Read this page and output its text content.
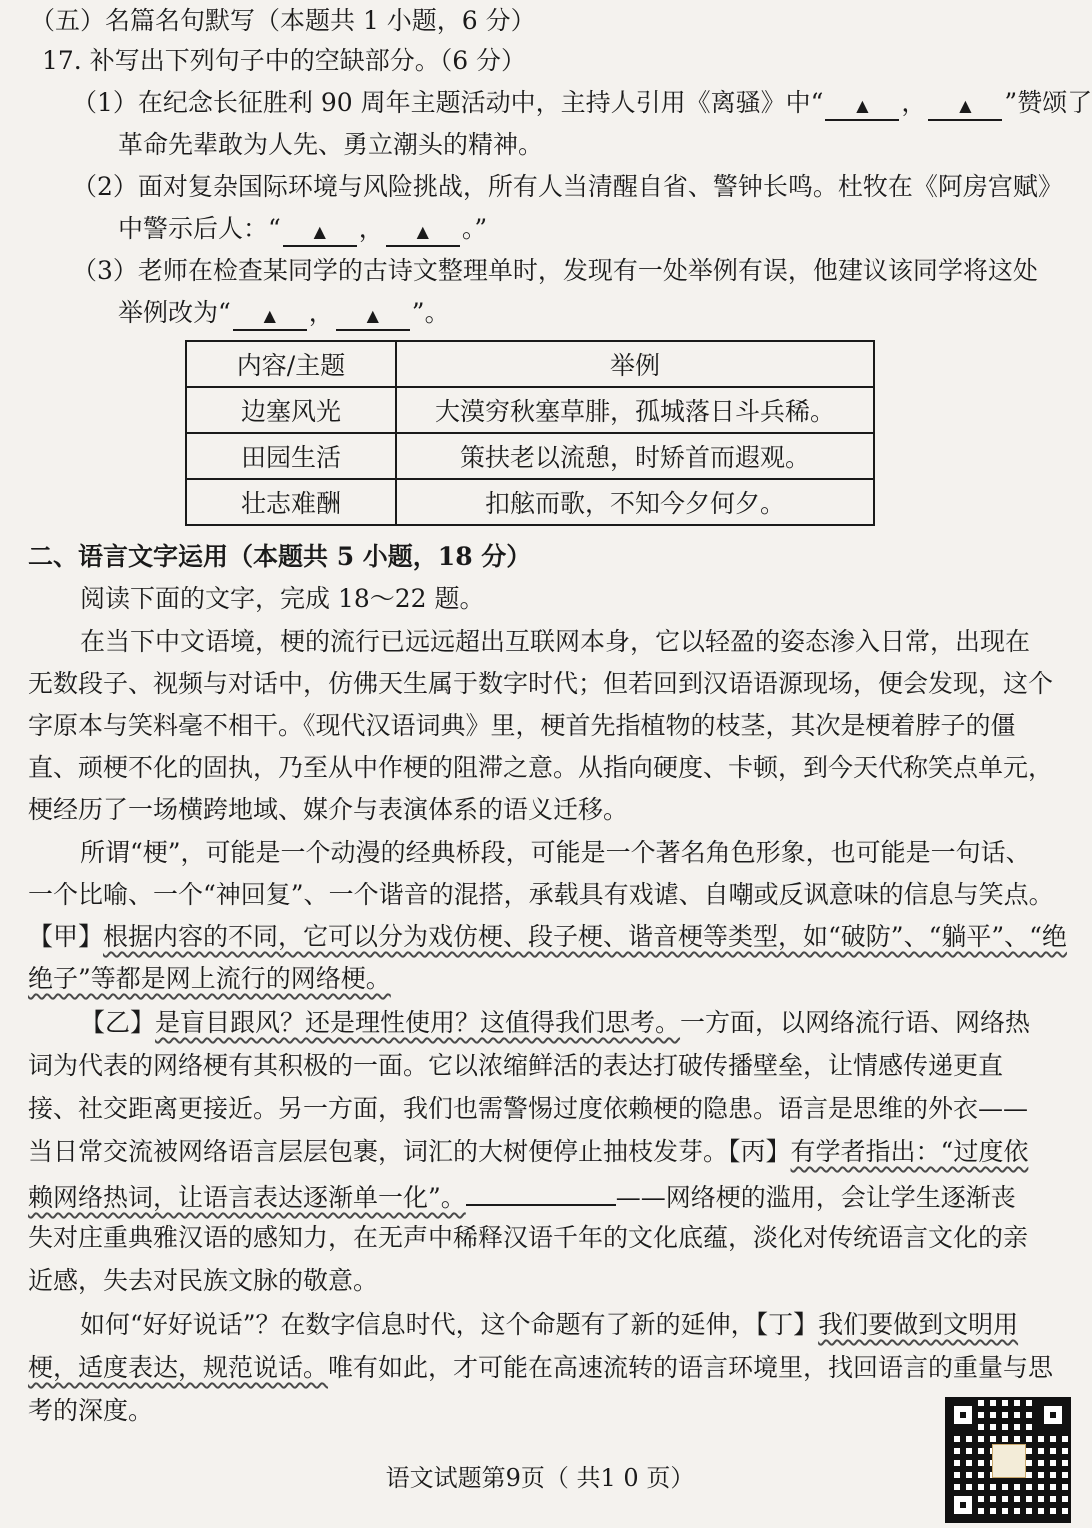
（五）名篇名句默写（本题共 1 小题，6 分）
17. 补写出下列句子中的空缺部分。（6 分）
（1）在纪念长征胜利 90 周年主题活动中，主持人引用《离骚》中“ ▲ ， ▲ ”赞颂了
革命先辈敢为人先、勇立潮头的精神。
（2）面对复杂国际环境与风险挑战，所有人当清醒自省、警钟长鸣。杜牧在《阿房宫赋》
中警示后人：“ ▲ ， ▲ 。”
（3）老师在检查某同学的古诗文整理单时，发现有一处举例有误，他建议该同学将这处
举例改为“ ▲ ， ▲ ”。
内容/主题	举例
边塞风光	大漠穷秋塞草腓，孤城落日斗兵稀。
田园生活	策扶老以流憩，时矫首而遐观。
壮志难酬	扣舷而歌，不知今夕何夕。
二、语言文字运用（本题共 5 小题，18 分）
阅读下面的文字，完成 18～22 题。
在当下中文语境，梗的流行已远远超出互联网本身，它以轻盈的姿态渗入日常，出现在
无数段子、视频与对话中，仿佛天生属于数字时代；但若回到汉语语源现场，便会发现，这个
字原本与笑料毫不相干。《现代汉语词典》里，梗首先指植物的枝茎，其次是梗着脖子的僵
直、顽梗不化的固执，乃至从中作梗的阻滞之意。从指向硬度、卡顿，到今天代称笑点单元，
梗经历了一场横跨地域、媒介与表演体系的语义迁移。
所谓“梗”，可能是一个动漫的经典桥段，可能是一个著名角色形象，也可能是一句话、
一个比喻、一个“神回复”、一个谐音的混搭，承载具有戏谑、自嘲或反讽意味的信息与笑点。
【甲】根据内容的不同，它可以分为戏仿梗、段子梗、谐音梗等类型，如“破防”、“躺平”、“绝
绝子”等都是网上流行的网络梗。
【乙】是盲目跟风？还是理性使用？这值得我们思考。一方面，以网络流行语、网络热
词为代表的网络梗有其积极的一面。它以浓缩鲜活的表达打破传播壁垒，让情感传递更直
接、社交距离更接近。另一方面，我们也需警惕过度依赖梗的隐患。语言是思维的外衣——
当日常交流被网络语言层层包裹，词汇的大树便停止抽枝发芽。【丙】有学者指出：“过度依
赖网络热词，让语言表达逐渐单一化”。	——网络梗的滥用，会让学生逐渐丧
失对庄重典雅汉语的感知力，在无声中稀释汉语千年的文化底蕴，淡化对传统语言文化的亲
近感，失去对民族文脉的敬意。
如何“好好说话”？在数字信息时代，这个命题有了新的延伸，【丁】我们要做到文明用
梗，适度表达，规范说话。唯有如此，才可能在高速流转的语言环境里，找回语言的重量与思
考的深度。
语文试题第9页（ 共1 0 页）
